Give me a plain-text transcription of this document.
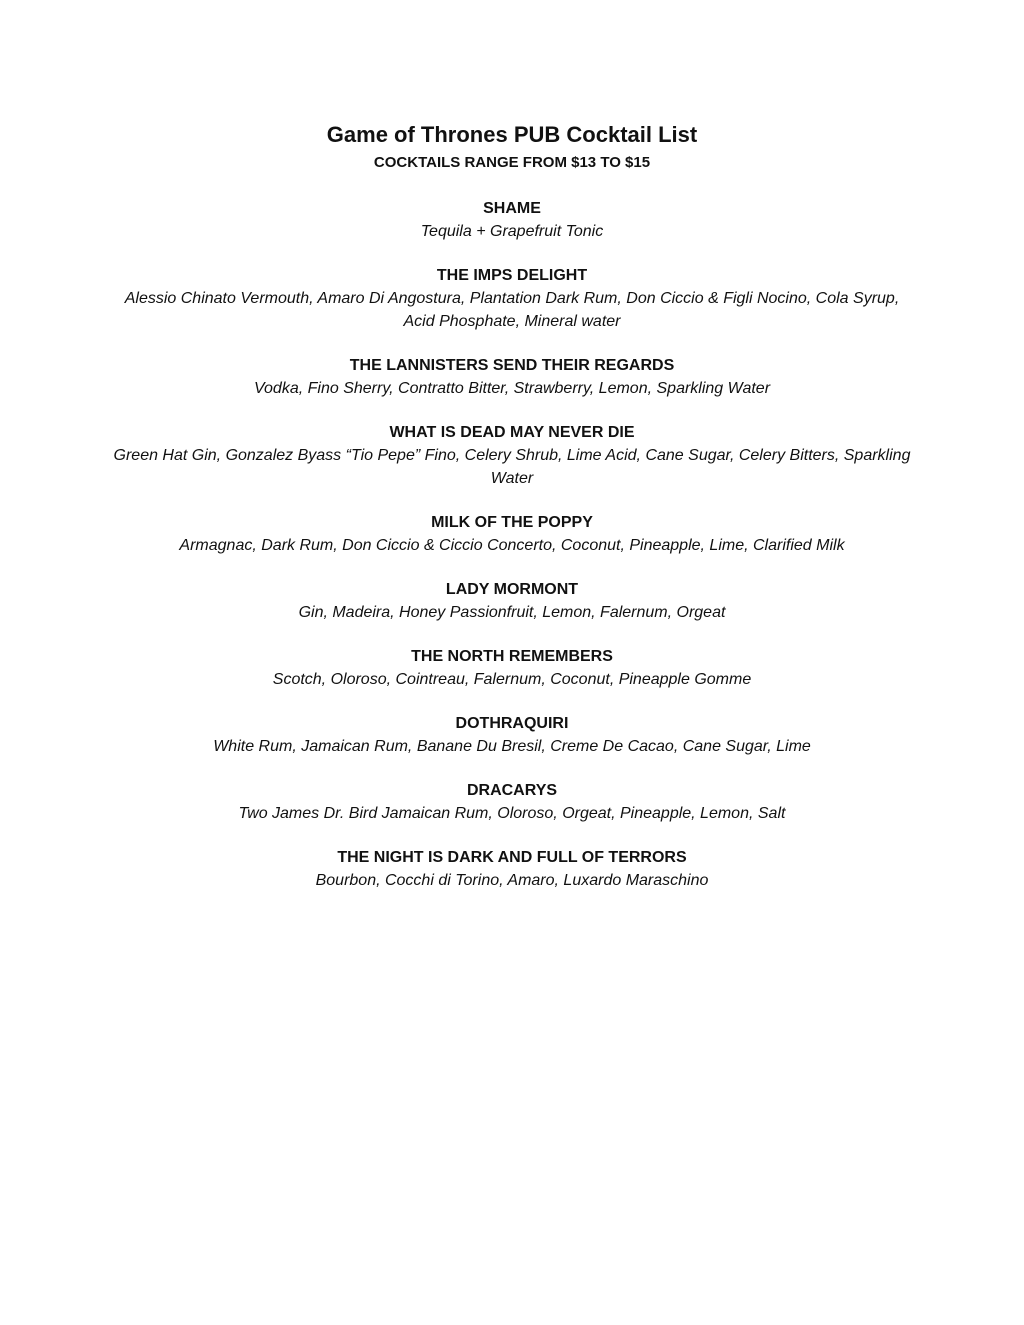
Game of Thrones PUB Cocktail List
COCKTAILS RANGE FROM $13 TO $15
SHAME
Tequila + Grapefruit Tonic
THE IMPS DELIGHT
Alessio Chinato Vermouth, Amaro Di Angostura, Plantation Dark Rum, Don Ciccio & Figli Nocino, Cola Syrup, Acid Phosphate, Mineral water
THE LANNISTERS SEND THEIR REGARDS
Vodka, Fino Sherry, Contratto Bitter, Strawberry, Lemon, Sparkling Water
WHAT IS DEAD MAY NEVER DIE
Green Hat Gin, Gonzalez Byass “Tio Pepe” Fino, Celery Shrub, Lime Acid, Cane Sugar, Celery Bitters, Sparkling Water
MILK OF THE POPPY
Armagnac, Dark Rum, Don Ciccio & Ciccio Concerto, Coconut, Pineapple, Lime, Clarified Milk
LADY MORMONT
Gin, Madeira, Honey Passionfruit, Lemon, Falernum, Orgeat
THE NORTH REMEMBERS
Scotch, Oloroso, Cointreau, Falernum, Coconut, Pineapple Gomme
DOTHRAQUIRI
White Rum, Jamaican Rum, Banane Du Bresil, Creme De Cacao, Cane Sugar, Lime
DRACARYS
Two James Dr. Bird Jamaican Rum, Oloroso, Orgeat, Pineapple, Lemon, Salt
THE NIGHT IS DARK AND FULL OF TERRORS
Bourbon, Cocchi di Torino, Amaro, Luxardo Maraschino
